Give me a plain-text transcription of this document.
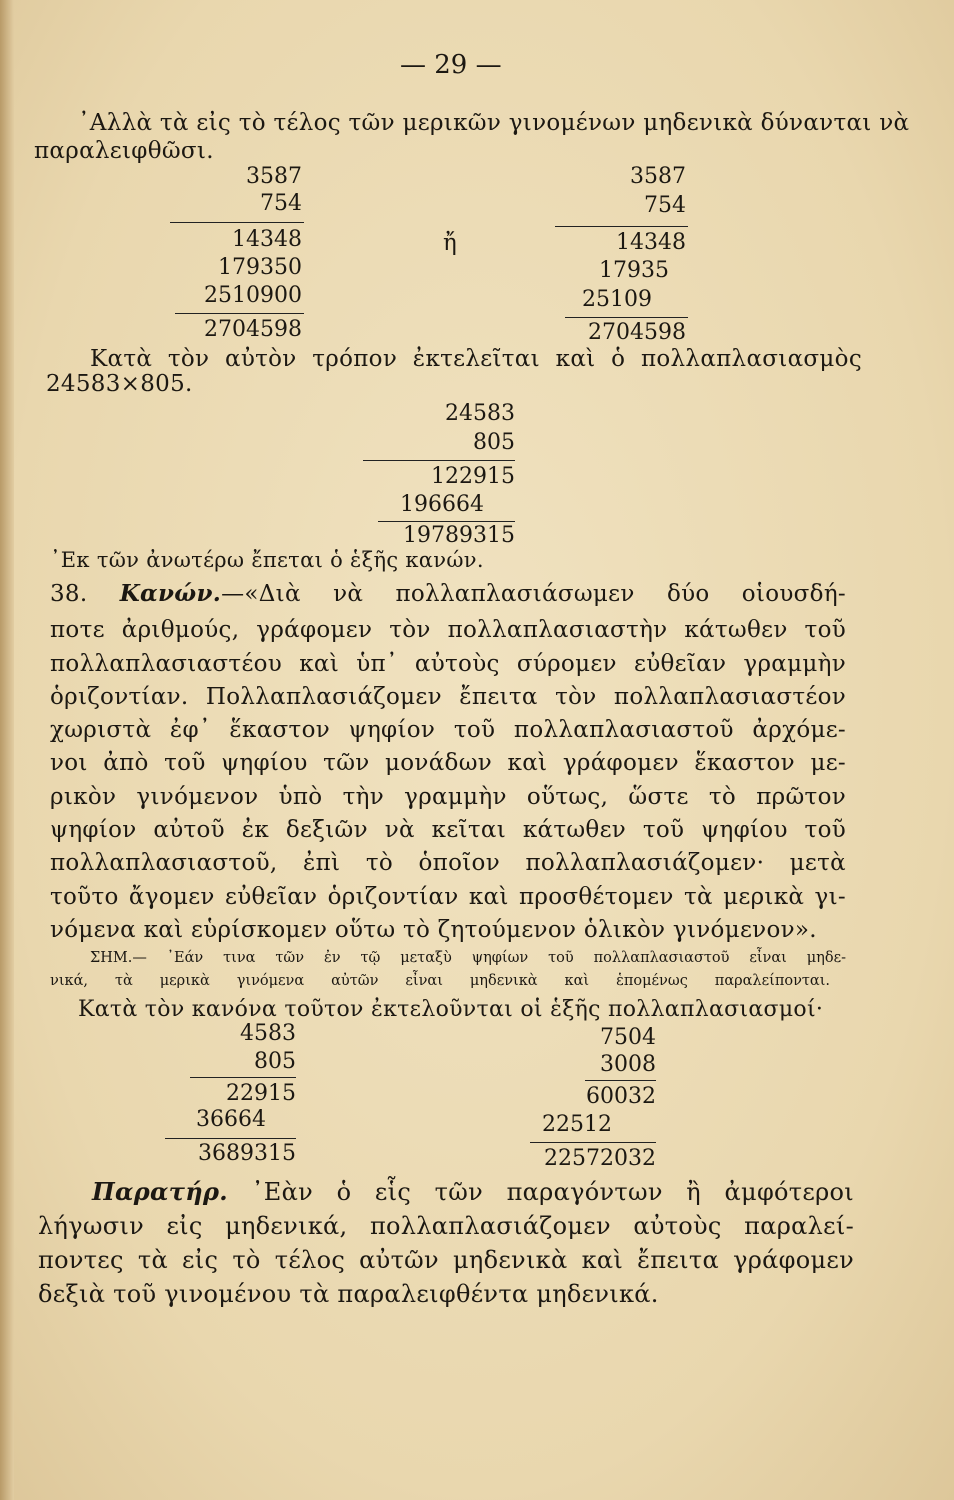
— 29 —
᾿Αλλὰ τὰ εἰς τὸ τέλος τῶν μερικῶν γινομένων μηδενικὰ δύνανται νὰ
παραλειφθῶσι.
3587
754
14348
179350
2510900
2704598
ἤ
3587
754
14348
17935
25109
2704598
Κατὰ τὸν αὐτὸν τρόπον ἐκτελεῖται καὶ ὁ πολλαπλασιασμὸς
24583×805.
24583
805
122915
196664
19789315
᾿Εκ τῶν ἀνωτέρω ἔπεται ὁ ἑξῆς κανών.
38. Κανών.—«Διὰ νὰ πολλαπλασιάσωμεν δύο οἱουσδή-
ποτε ἀριθμούς, γράφομεν τὸν πολλαπλασιαστὴν κάτωθεν τοῦ
πολλαπλασιαστέου καὶ ὑπ᾿ αὐτοὺς σύρομεν εὐθεῖαν γραμμὴν
ὁριζοντίαν. Πολλαπλασιάζομεν ἔπειτα τὸν πολλαπλασιαστέον
χωριστὰ ἐφ᾿ ἕκαστον ψηφίον τοῦ πολλαπλασιαστοῦ ἀρχόμε-
νοι ἀπὸ τοῦ ψηφίου τῶν μονάδων καὶ γράφομεν ἕκαστον με-
ρικὸν γινόμενον ὑπὸ τὴν γραμμὴν οὕτως, ὥστε τὸ πρῶτον
ψηφίον αὐτοῦ ἐκ δεξιῶν νὰ κεῖται κάτωθεν τοῦ ψηφίου τοῦ
πολλαπλασιαστοῦ, ἐπὶ τὸ ὁποῖον πολλαπλασιάζομεν· μετὰ
τοῦτο ἄγομεν εὐθεῖαν ὁριζοντίαν καὶ προσθέτομεν τὰ μερικὰ γι-
νόμενα καὶ εὑρίσκομεν οὕτω τὸ ζητούμενον ὁλικὸν γινόμενον».
ΣΗΜ.— ᾿Εάν τινα τῶν ἐν τῷ μεταξὺ ψηφίων τοῦ πολλαπλασιαστοῦ εἶναι μηδε-
νικά, τὰ μερικὰ γινόμενα αὐτῶν εἶναι μηδενικὰ καὶ ἑπομένως παραλείπονται.
Κατὰ τὸν κανόνα τοῦτον ἐκτελοῦνται οἱ ἑξῆς πολλαπλασιασμοί·
4583
805
22915
36664
3689315
7504
3008
60032
22512
22572032
Παρατήρ. ᾿Εὰν ὁ εἷς τῶν παραγόντων ἢ ἀμφότεροι
λήγωσιν εἰς μηδενικά, πολλαπλασιάζομεν αὐτοὺς παραλεί-
ποντες τὰ εἰς τὸ τέλος αὐτῶν μηδενικὰ καὶ ἔπειτα γράφομεν
δεξιὰ τοῦ γινομένου τὰ παραλειφθέντα μηδενικά.
